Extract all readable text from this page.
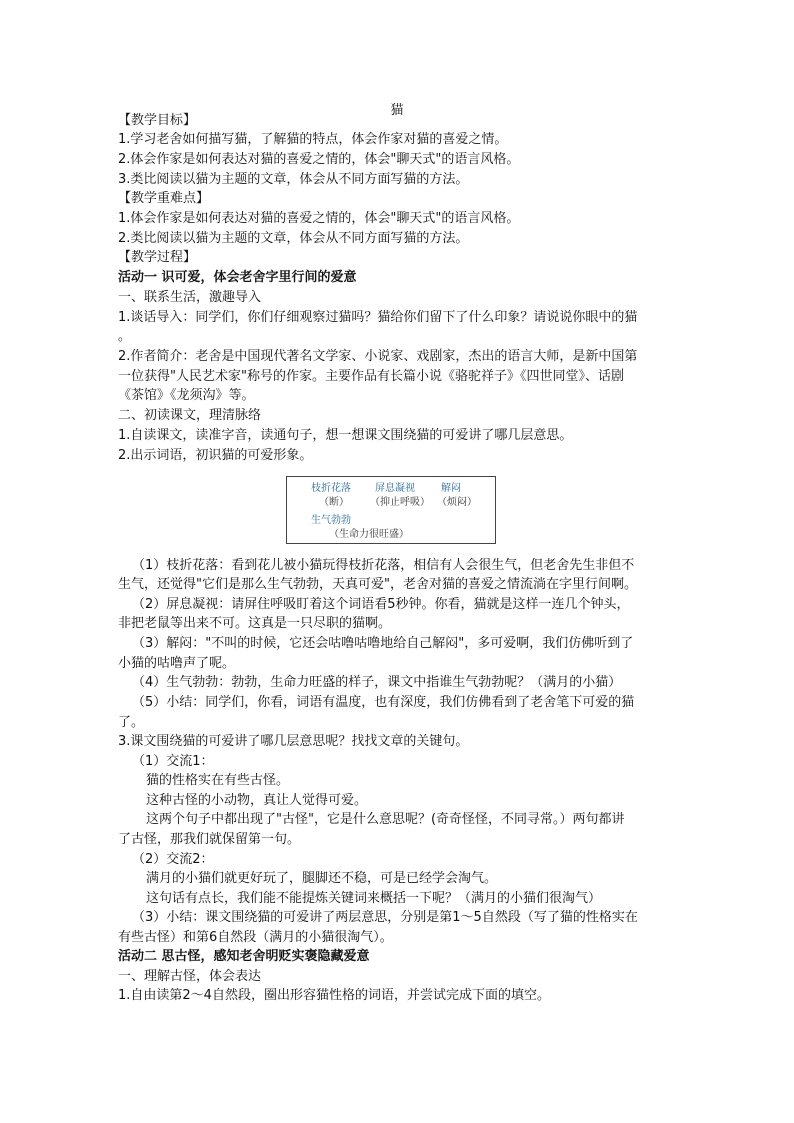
猫
【教学目标】
1.学习老舍如何描写猫，了解猫的特点，体会作家对猫的喜爱之情。
2.体会作家是如何表达对猫的喜爱之情的，体会"聊天式"的语言风格。
3.类比阅读以猫为主题的文章，体会从不同方面写猫的方法。
【教学重难点】
1.体会作家是如何表达对猫的喜爱之情的，体会"聊天式"的语言风格。
2.类比阅读以猫为主题的文章，体会从不同方面写猫的方法。
【教学过程】
活动一 识可爱，体会老舍字里行间的爱意
一、联系生活，激趣导入
1.谈话导入：同学们，你们仔细观察过猫吗？猫给你们留下了什么印象？请说说你眼中的猫
。
2.作者简介：老舍是中国现代著名文学家、小说家、戏剧家，杰出的语言大师，是新中国第
一位获得"人民艺术家"称号的作家。主要作品有长篇小说《骆驼祥子》《四世同堂》、话剧
《茶馆》《龙须沟》等。
二、初读课文，理清脉络
1.自读课文，读准字音，读通句子，想一想课文围绕猫的可爱讲了哪几层意思。
2.出示词语，初识猫的可爱形象。
枝折花落
（断）
屏息凝视
（抑止呼吸）
解闷
（烦闷）
生气勃勃
（生命力很旺盛）
（1）枝折花落：看到花儿被小猫玩得枝折花落，相信有人会很生气，但老舍先生非但不
生气，还觉得"它们是那么生气勃勃，天真可爱"，老舍对猫的喜爱之情流淌在字里行间啊。
（2）屏息凝视：请屏住呼吸盯着这个词语看5秒钟。你看，猫就是这样一连几个钟头，
非把老鼠等出来不可。这真是一只尽职的猫啊。
（3）解闷："不叫的时候，它还会咕噜咕噜地给自己解闷"，多可爱啊，我们仿佛听到了
小猫的咕噜声了呢。
（4）生气勃勃：勃勃，生命力旺盛的样子，课文中指谁生气勃勃呢？（满月的小猫）
（5）小结：同学们，你看，词语有温度，也有深度，我们仿佛看到了老舍笔下可爱的猫
了。
3.课文围绕猫的可爱讲了哪几层意思呢？找找文章的关键句。
（1）交流1：
猫的性格实在有些古怪。
这种古怪的小动物，真让人觉得可爱。
这两个句子中都出现了"古怪"，它是什么意思呢？(奇奇怪怪，不同寻常。）两句都讲
了古怪，那我们就保留第一句。
（2）交流2：
满月的小猫们就更好玩了，腿脚还不稳，可是已经学会淘气。
这句话有点长，我们能不能提炼关键词来概括一下呢？（满月的小猫们很淘气）
（3）小结：课文围绕猫的可爱讲了两层意思，分别是第1～5自然段（写了猫的性格实在
有些古怪）和第6自然段（满月的小猫很淘气）。
活动二 思古怪，感知老舍明贬实褒隐藏爱意
一、理解古怪，体会表达
1.自由读第2～4自然段，圈出形容猫性格的词语，并尝试完成下面的填空。
